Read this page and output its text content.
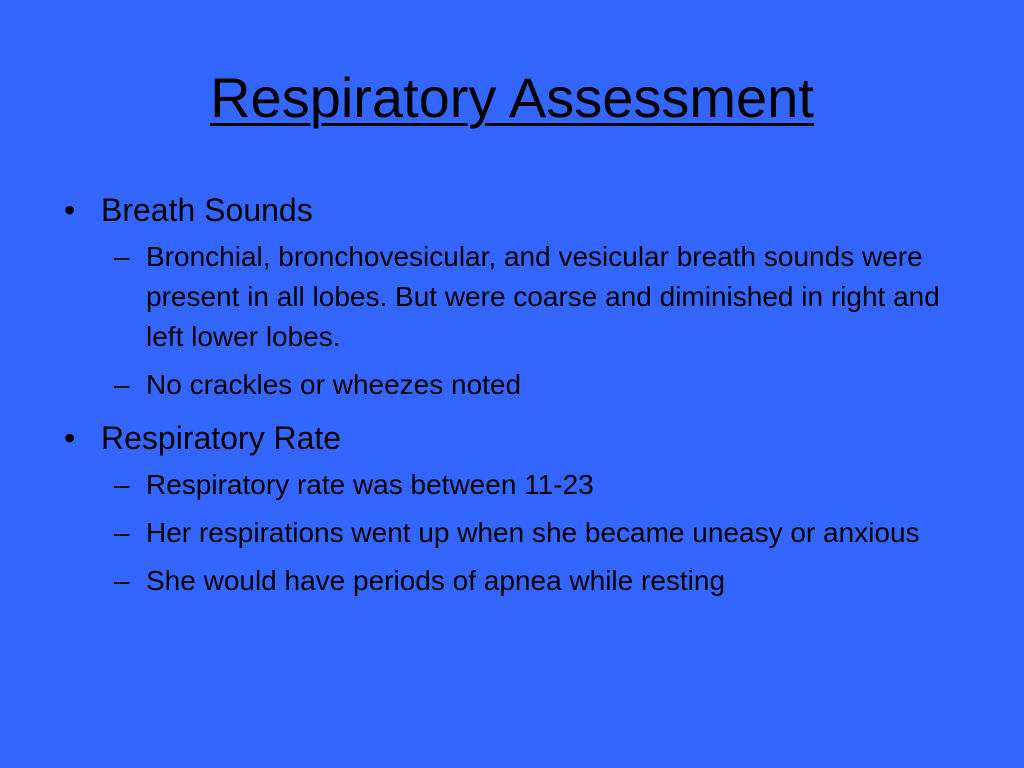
Respiratory Assessment
• Breath Sounds
– Bronchial, bronchovesicular, and vesicular breath sounds were present in all lobes. But were coarse and diminished in right and left lower lobes.
– No crackles or wheezes noted
• Respiratory Rate
– Respiratory rate was between 11-23
– Her respirations went up when she became uneasy or anxious
– She would have periods of apnea while resting
